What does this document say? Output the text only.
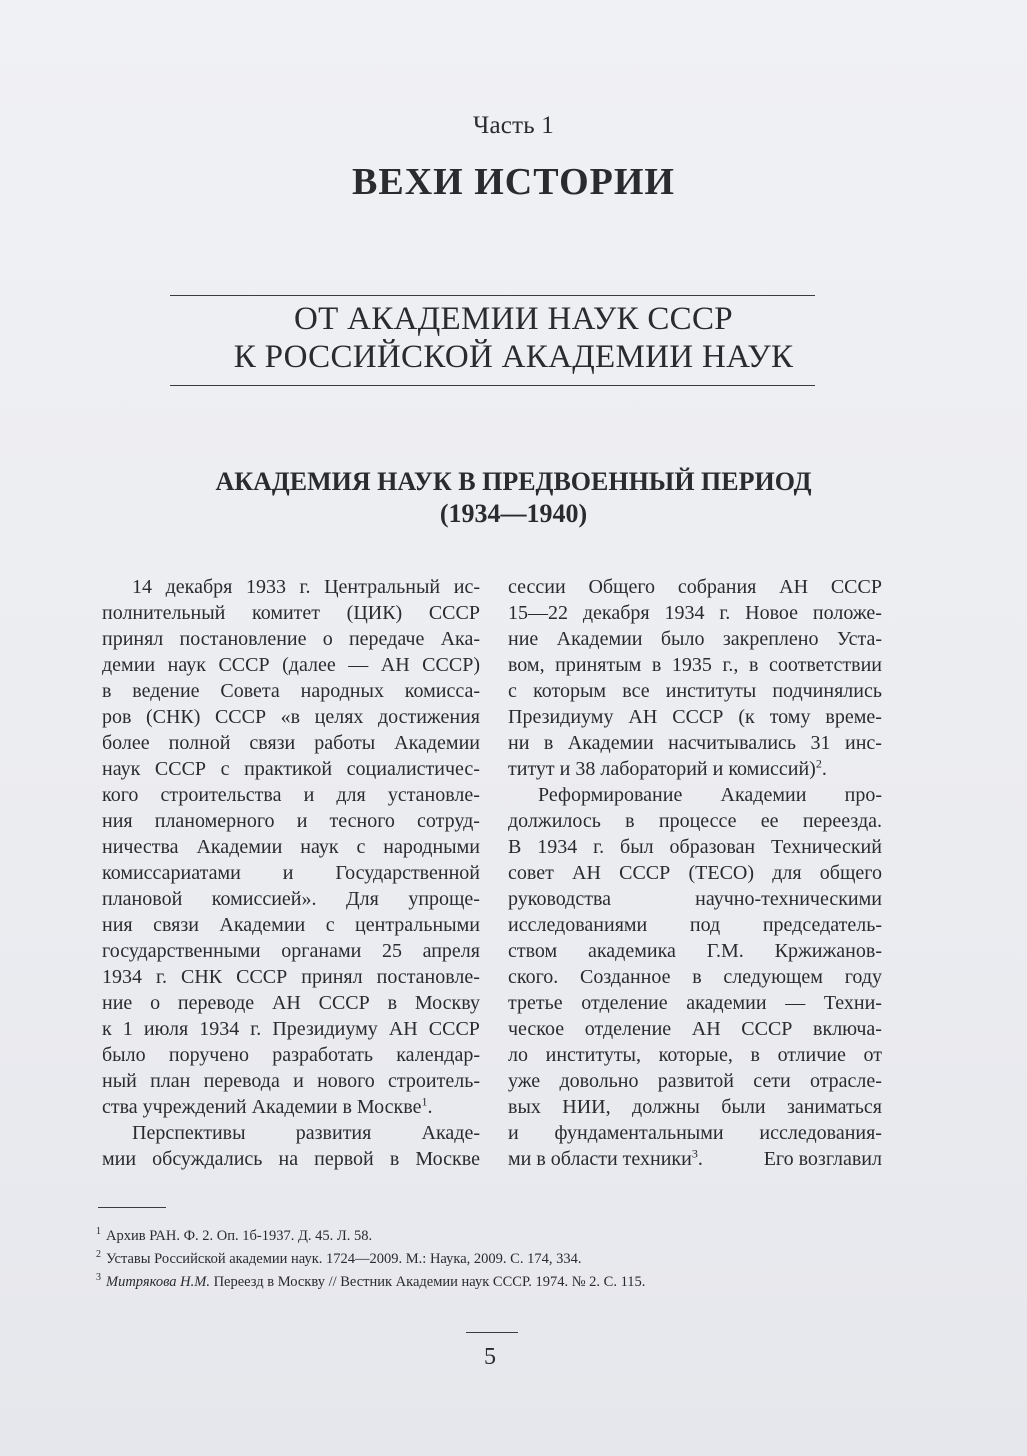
Часть 1
ВЕХИ ИСТОРИИ
ОТ АКАДЕМИИ НАУК СССР
К РОССИЙСКОЙ АКАДЕМИИ НАУК
АКАДЕМИЯ НАУК В ПРЕДВОЕННЫЙ ПЕРИОД
(1934—1940)
14 декабря 1933 г. Центральный ис-
полнительный комитет (ЦИК) СССР
принял постановление о передаче Ака-
демии наук СССР (далее — АН СССР)
в ведение Совета народных комисса-
ров (СНК) СССР «в целях достижения
более полной связи работы Академии
наук СССР с практикой социалистичес-
кого строительства и для установле-
ния планомерного и тесного сотруд-
ничества Академии наук с народными
комиссариатами и Государственной
плановой комиссией». Для упроще-
ния связи Академии с центральными
государственными органами 25 апреля
1934 г. СНК СССР принял постановле-
ние о переводе АН СССР в Москву
к 1 июля 1934 г. Президиуму АН СССР
было поручено разработать календар-
ный план перевода и нового строитель-
ства учреждений Академии в Москве$^1$.
Перспективы	развития	Акаде-
мии обсуждались на первой в Москве
сессии Общего собрания АН СССР
15—22 декабря 1934 г. Новое положе-
ние Академии было закреплено Уста-
вом, принятым в 1935 г., в соответствии
с которым все институты подчинялись
Президиуму АН СССР (к тому време-
ни в Академии насчитывались 31 инс-
титут и 38 лабораторий и комиссий)$^2$.
Реформирование Академии про-
должилось в процессе ее переезда.
В 1934 г. был образован Технический
совет АН СССР (ТЕСО) для общего
руководства	научно-техническими
исследованиями под председатель-
ством академика Г.М. Кржижанов-
ского. Созданное в следующем году
третье отделение академии — Техни-
ческое отделение АН СССР включа-
ло институты, которые, в отличие от
уже довольно развитой сети отрасле-
вых НИИ, должны были заниматься
и фундаментальными исследования-
ми в области техники$^3$.	Его возглавил
$^1$ Архив РАН. Ф. 2. Оп. 1б-1937. Д. 45. Л. 58.
$^2$ Уставы Российской академии наук. 1724—2009. М.: Наука, 2009. С. 174, 334.
$^3$ Митрякова Н.М. Переезд в Москву // Вестник Академии наук СССР. 1974. № 2. С. 115.
5
